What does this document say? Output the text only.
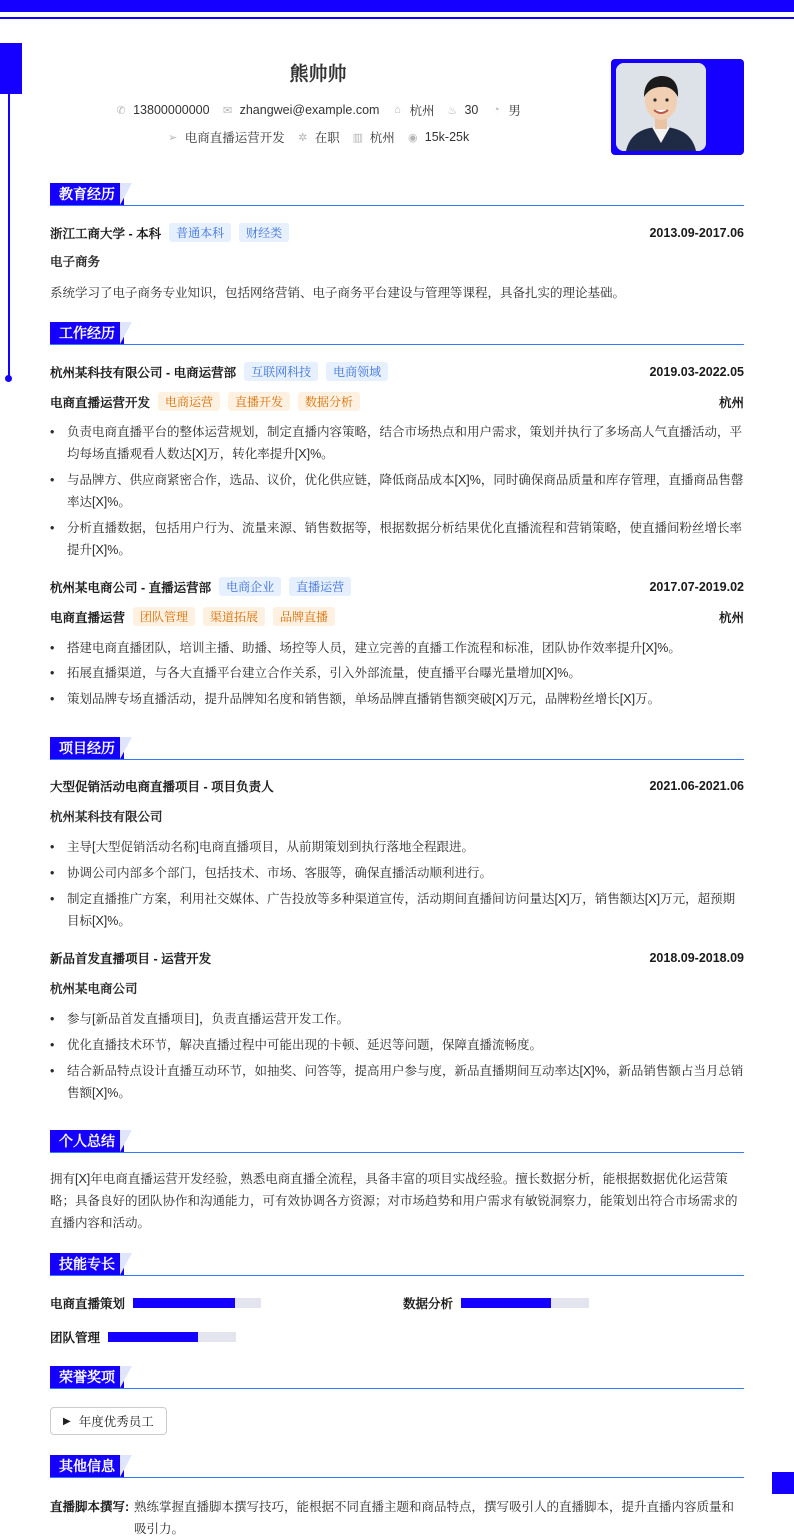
熊帅帅
✆ 13800000000 ✉ zhangwei@example.com ⌂ 杭州 ♨ 30 ◔ 男
➢ 电商直播运营开发 ✲ 在职 ▥ 杭州 ◉ 15k-25k
教育经历
浙江工商大学 - 本科	普通本科	财经类	2013.09-2017.06
电子商务
系统学习了电子商务专业知识，包括网络营销、电子商务平台建设与管理等课程，具备扎实的理论基础。
工作经历
杭州某科技有限公司 - 电商运营部	互联网科技	电商领域	2019.03-2022.05
电商直播运营开发	电商运营	直播开发	数据分析	杭州
• 负责电商直播平台的整体运营规划，制定直播内容策略，结合市场热点和用户需求，策划并执行了多场高人气直播活动，平均每场直播观看人数达[X]万，转化率提升[X]%。
• 与品牌方、供应商紧密合作，选品、议价，优化供应链，降低商品成本[X]%，同时确保商品质量和库存管理，直播商品售罄率达[X]%。
• 分析直播数据，包括用户行为、流量来源、销售数据等，根据数据分析结果优化直播流程和营销策略，使直播间粉丝增长率提升[X]%。
杭州某电商公司 - 直播运营部	电商企业	直播运营	2017.07-2019.02
电商直播运营	团队管理	渠道拓展	品牌直播	杭州
• 搭建电商直播团队，培训主播、助播、场控等人员，建立完善的直播工作流程和标准，团队协作效率提升[X]%。
• 拓展直播渠道，与各大直播平台建立合作关系，引入外部流量，使直播平台曝光量增加[X]%。
• 策划品牌专场直播活动，提升品牌知名度和销售额，单场品牌直播销售额突破[X]万元，品牌粉丝增长[X]万。
项目经历
大型促销活动电商直播项目 - 项目负责人	2021.06-2021.06
杭州某科技有限公司
• 主导[大型促销活动名称]电商直播项目，从前期策划到执行落地全程跟进。
• 协调公司内部多个部门，包括技术、市场、客服等，确保直播活动顺利进行。
• 制定直播推广方案，利用社交媒体、广告投放等多种渠道宣传，活动期间直播间访问量达[X]万，销售额达[X]万元，超预期目标[X]%。
新品首发直播项目 - 运营开发	2018.09-2018.09
杭州某电商公司
• 参与[新品首发直播项目]，负责直播运营开发工作。
• 优化直播技术环节，解决直播过程中可能出现的卡顿、延迟等问题，保障直播流畅度。
• 结合新品特点设计直播互动环节，如抽奖、问答等，提高用户参与度，新品直播期间互动率达[X]%，新品销售额占当月总销售额[X]%。
个人总结
拥有[X]年电商直播运营开发经验，熟悉电商直播全流程，具备丰富的项目实战经验。擅长数据分析，能根据数据优化运营策略；具备良好的团队协作和沟通能力，可有效协调各方资源；对市场趋势和用户需求有敏锐洞察力，能策划出符合市场需求的直播内容和活动。
技能专长
电商直播策划	数据分析
团队管理
荣誉奖项
▶ 年度优秀员工
其他信息
直播脚本撰写: 熟练掌握直播脚本撰写技巧，能根据不同直播主题和商品特点，撰写吸引人的直播脚本，提升直播内容质量和吸引力。
